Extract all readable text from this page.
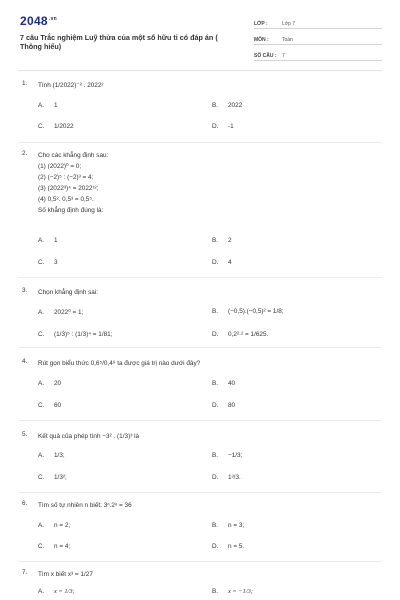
$2048^{.vn}$
7 câu Trắc nghiệm Luỹ thừa của một số hữu tỉ có đáp án ( Thông hiểu)
LỚP :	Lớp 7
MÔN :	Toán
SỐ CÂU :	7
1. Tính (1/2022)⁻² . 2022²
A.	1	B.	2022
C.	1/2022	D.	-1
2. Cho các khẳng định sau:
(1) (2022)⁰ = 0;
(2) (−2)⁵ : (−2)³ = 4;
(3) (2022³)⁴ = 2022¹²;
(4) 0,5². 0,5³ = 0,5⁵.
Số khẳng định đúng là:
A.	1	B.	2
C.	3	D.	4
3. Chọn khẳng định sai:
A.	2022⁰ = 1;	B.	(−0,5).(−0,5)² = 1/8;
C.	(1/3)⁵ : (1/3)⁴ = 1/81;	D.	0,2²·² = 1/625.
4. Rút gọn biểu thức 0,6⁵/0,4⁶ ta được giá trị nào dưới đây?
A.	20	B.	40
C.	60	D.	80
5. Kết quả của phép tính −3² . (1/3)³ là
A.	1/3;	B.	−1/3;
C.	1/3²;	D.	1³/3.
6. Tìm số tự nhiên n biết: 3ⁿ.2ⁿ = 36
A.	n = 2;	B.	n = 3;
C.	n = 4;	D.	n = 5.
7. Tìm x biết x³ = 1/27
A.	x = 1/3;	B.	x = −1/3;
